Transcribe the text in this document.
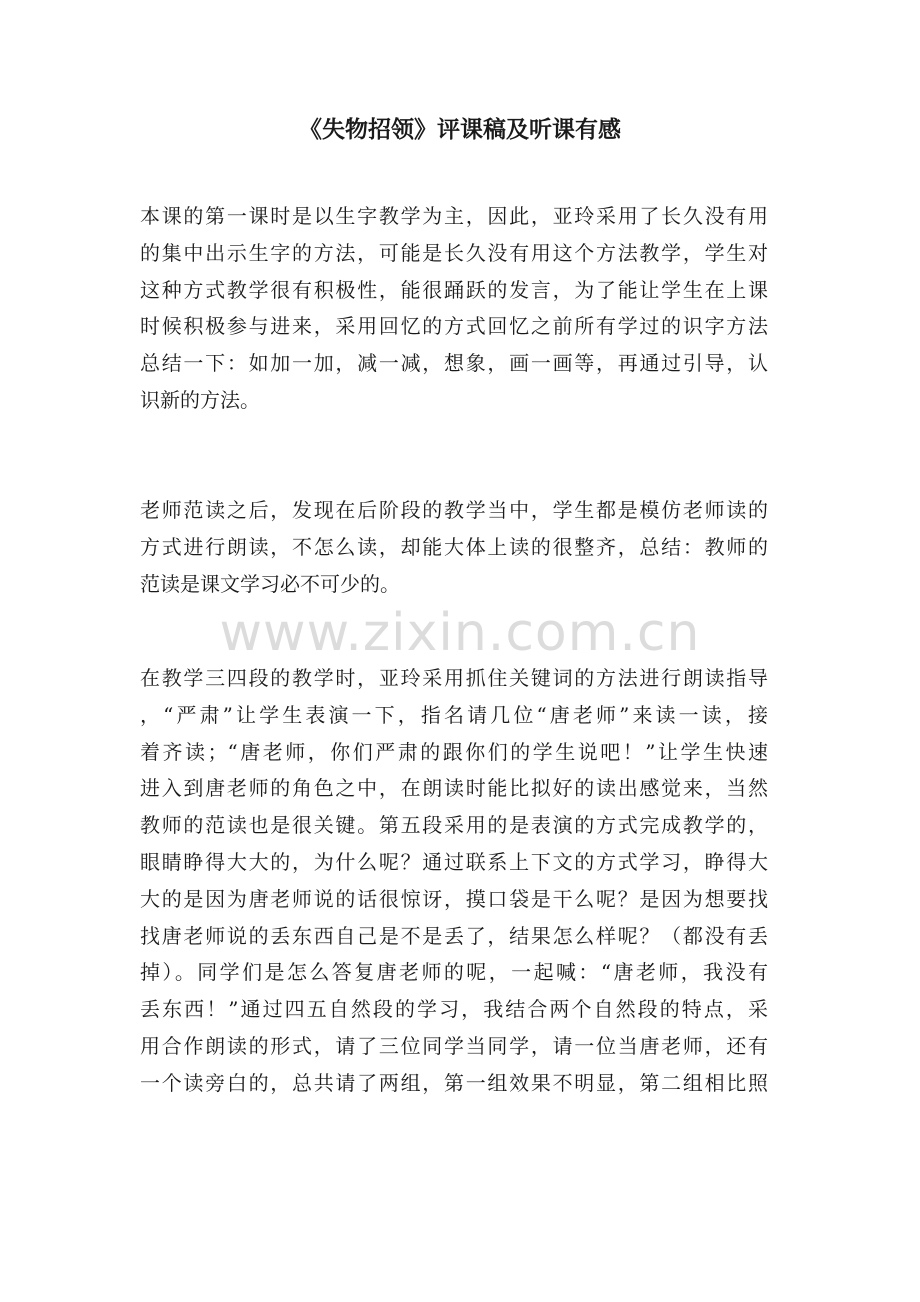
《失物招领》评课稿及听课有感
本课的第一课时是以生字教学为主，因此，亚玲采用了长久没有用
的集中出示生字的方法，可能是长久没有用这个方法教学，学生对
这种方式教学很有积极性，能很踊跃的发言，为了能让学生在上课
时候积极参与进来，采用回忆的方式回忆之前所有学过的识字方法
总结一下：如加一加，减一减，想象，画一画等，再通过引导，认
识新的方法。
老师范读之后，发现在后阶段的教学当中，学生都是模仿老师读的
方式进行朗读，不怎么读，却能大体上读的很整齐，总结：教师的
范读是课文学习必不可少的。
www.zixin.com.cn
在教学三四段的教学时，亚玲采用抓住关键词的方法进行朗读指导
，“严肃”让学生表演一下，指名请几位“唐老师”来读一读，接
着齐读；“唐老师，你们严肃的跟你们的学生说吧！”让学生快速
进入到唐老师的角色之中，在朗读时能比拟好的读出感觉来，当然
教师的范读也是很关键。第五段采用的是表演的方式完成教学的，
眼睛睁得大大的，为什么呢？通过联系上下文的方式学习，睁得大
大的是因为唐老师说的话很惊讶，摸口袋是干么呢？是因为想要找
找唐老师说的丢东西自己是不是丢了，结果怎么样呢？（都没有丢
掉）。同学们是怎么答复唐老师的呢，一起喊：“唐老师，我没有
丢东西！”通过四五自然段的学习，我结合两个自然段的特点，采
用合作朗读的形式，请了三位同学当同学，请一位当唐老师，还有
一个读旁白的，总共请了两组，第一组效果不明显，第二组相比照
